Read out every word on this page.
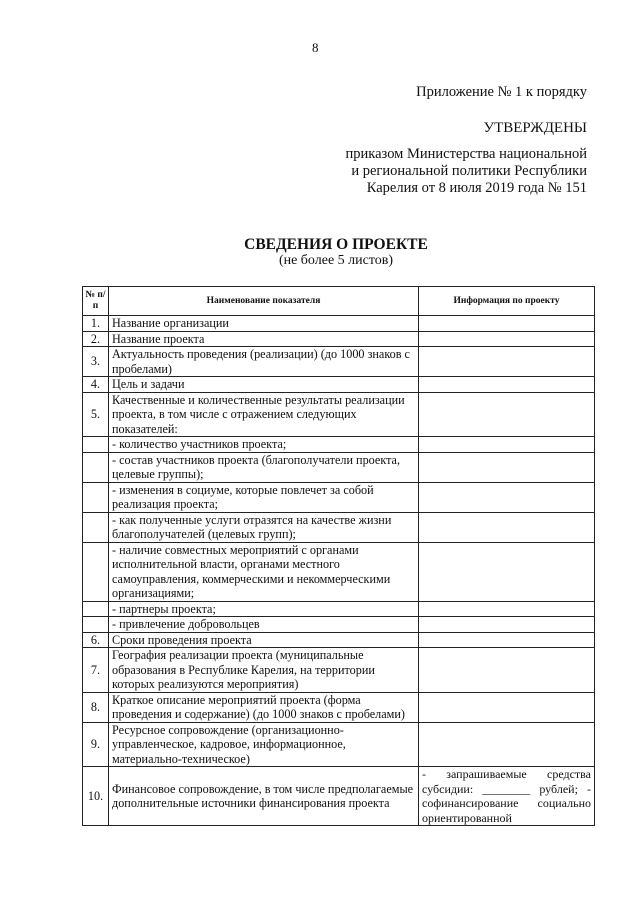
8
Приложение № 1 к порядку
УТВЕРЖДЕНЫ
приказом Министерства национальной
и региональной политики Республики
Карелия от 8 июля 2019 года № 151
СВЕДЕНИЯ О ПРОЕКТЕ
(не более 5 листов)
№ п/п	Наименование показателя	Информация по проекту
1.	Название организации	
2.	Название проекта	
3.	Актуальность проведения (реализации) (до 1000 знаков с пробелами)	
4.	Цель и задачи	
5.	Качественные и количественные результаты реализации проекта, в том числе с отражением следующих показателей:	
	- количество участников проекта;	
	- состав участников проекта (благополучатели проекта, целевые группы);	
	- изменения в социуме, которые повлечет за собой реализация проекта;	
	- как полученные услуги отразятся на качестве жизни благополучателей (целевых групп);	
	- наличие совместных мероприятий с органами исполнительной власти, органами местного самоуправления, коммерческими и некоммерческими организациями;	
	- партнеры проекта;	
	- привлечение добровольцев	
6.	Сроки проведения проекта	
7.	География реализации проекта (муниципальные образования в Республике Карелия, на территории которых реализуются мероприятия)	
8.	Краткое описание мероприятий проекта (форма проведения и содержание) (до 1000 знаков с пробелами)	
9.	Ресурсное сопровождение (организационно-управленческое, кадровое, информационное, материально-техническое)	
10.	Финансовое сопровождение, в том числе предполагаемые дополнительные источники финансирования проекта	- запрашиваемые средства субсидии: ________ рублей; - софинансирование социально ориентированной
